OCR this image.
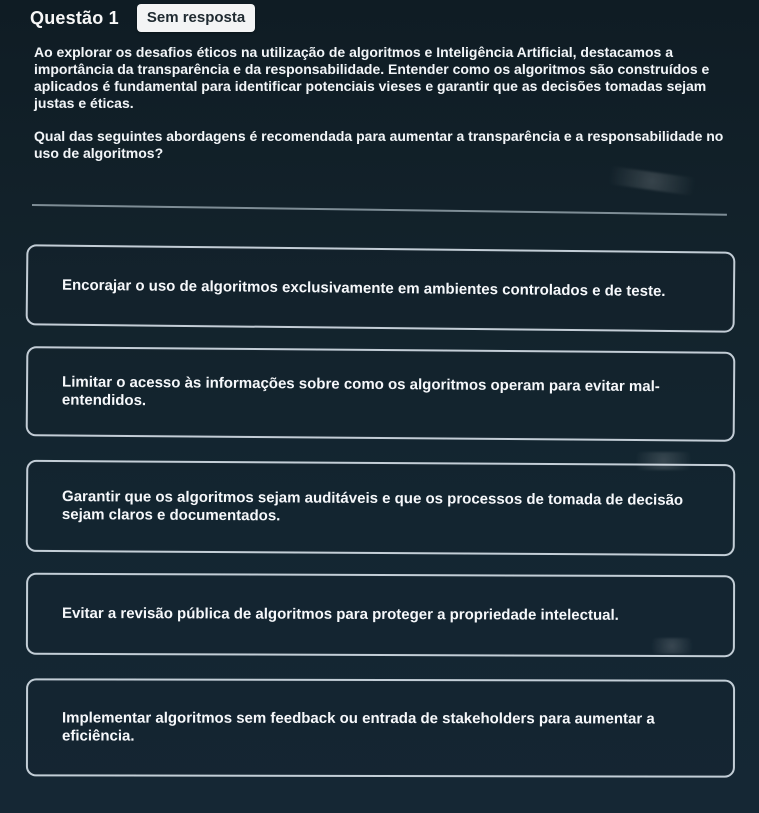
Questão 1	Sem resposta

Ao explorar os desafios éticos na utilização de algoritmos e Inteligência Artificial, destacamos a importância da transparência e da responsabilidade. Entender como os algoritmos são construídos e aplicados é fundamental para identificar potenciais vieses e garantir que as decisões tomadas sejam justas e éticas.

Qual das seguintes abordagens é recomendada para aumentar a transparência e a responsabilidade no uso de algoritmos?

Encorajar o uso de algoritmos exclusivamente em ambientes controlados e de teste.
Limitar o acesso às informações sobre como os algoritmos operam para evitar mal-entendidos.
Garantir que os algoritmos sejam auditáveis e que os processos de tomada de decisão sejam claros e documentados.
Evitar a revisão pública de algoritmos para proteger a propriedade intelectual.
Implementar algoritmos sem feedback ou entrada de stakeholders para aumentar a eficiência.
